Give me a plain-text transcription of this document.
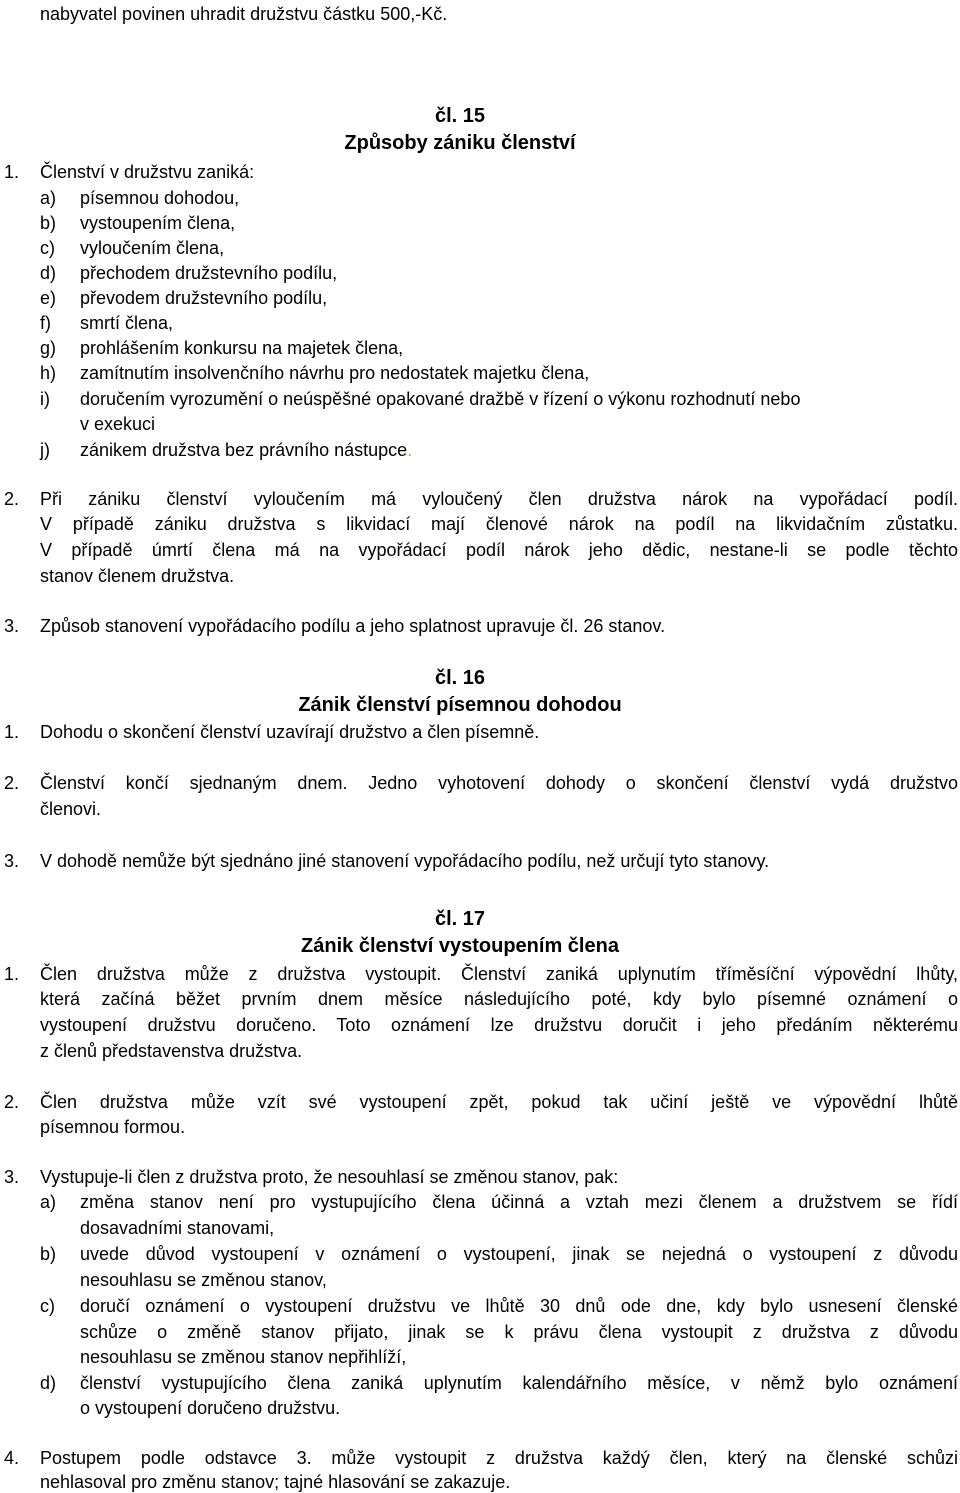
nabyvatel povinen uhradit družstvu částku 500,-Kč.
čl. 15
Způsoby zániku členství
1. Členství v družstvu zaniká:
a) písemnou dohodou,
b) vystoupením člena,
c) vyloučením člena,
d) přechodem družstevního podílu,
e) převodem družstevního podílu,
f) smrtí člena,
g) prohlášením konkursu na majetek člena,
h) zamítnutím insolvenčního návrhu pro nedostatek majetku člena,
i) doručením vyrozumění o neúspěšné opakované dražbě v řízení o výkonu rozhodnutí nebo
v exekuci
j) zánikem družstva bez právního nástupce.
2. Při zániku členství vyloučením má vyloučený člen družstva nárok na vypořádací podíl.
V případě zániku družstva s likvidací mají členové nárok na podíl na likvidačním zůstatku.
V případě úmrtí člena má na vypořádací podíl nárok jeho dědic, nestane-li se podle těchto
stanov členem družstva.
3. Způsob stanovení vypořádacího podílu a jeho splatnost upravuje čl. 26 stanov.
čl. 16
Zánik členství písemnou dohodou
1. Dohodu o skončení členství uzavírají družstvo a člen písemně.
2. Členství končí sjednaným dnem. Jedno vyhotovení dohody o skončení členství vydá družstvo
členovi.
3. V dohodě nemůže být sjednáno jiné stanovení vypořádacího podílu, než určují tyto stanovy.
čl. 17
Zánik členství vystoupením člena
1. Člen družstva může z družstva vystoupit. Členství zaniká uplynutím tříměsíční výpovědní lhůty,
která začíná běžet prvním dnem měsíce následujícího poté, kdy bylo písemné oznámení o
vystoupení družstvu doručeno. Toto oznámení lze družstvu doručit i jeho předáním některému
z členů představenstva družstva.
2. Člen družstva může vzít své vystoupení zpět, pokud tak učiní ještě ve výpovědní lhůtě
písemnou formou.
3. Vystupuje-li člen z družstva proto, že nesouhlasí se změnou stanov, pak:
a) změna stanov není pro vystupujícího člena účinná a vztah mezi členem a družstvem se řídí
dosavadními stanovami,
b) uvede důvod vystoupení v oznámení o vystoupení, jinak se nejedná o vystoupení z důvodu
nesouhlasu se změnou stanov,
c) doručí oznámení o vystoupení družstvu ve lhůtě 30 dnů ode dne, kdy bylo usnesení členské
schůze o změně stanov přijato, jinak se k právu člena vystoupit z družstva z důvodu
nesouhlasu se změnou stanov nepřihlíží,
d) členství vystupujícího člena zaniká uplynutím kalendářního měsíce, v němž bylo oznámení
o vystoupení doručeno družstvu.
4. Postupem podle odstavce 3. může vystoupit z družstva každý člen, který na členské schůzi
nehlasoval pro změnu stanov; tajné hlasování se zakazuje.
